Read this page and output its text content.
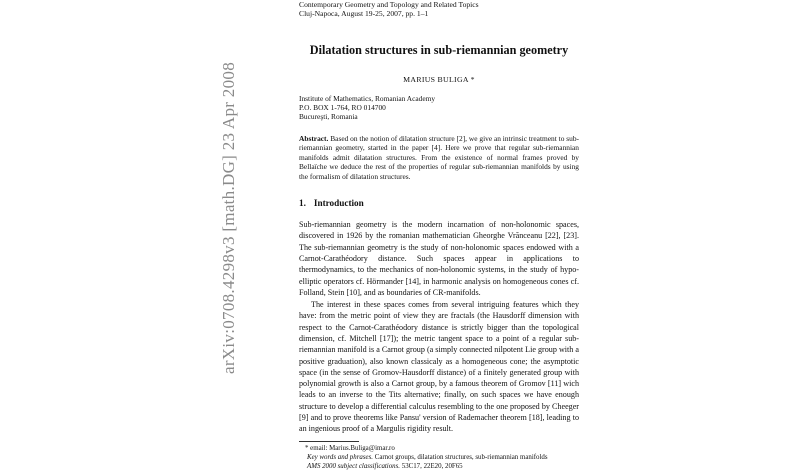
arXiv:0708.4298v3 [math.DG] 23 Apr 2008
Contemporary Geometry and Topology and Related Topics
Cluj-Napoca, August 19-25, 2007, pp. 1–1
Dilatation structures in sub-riemannian geometry
MARIUS BULIGA *
Institute of Mathematics, Romanian Academy
P.O. BOX 1-764, RO 014700
Bucureşti, Romania
Abstract. Based on the notion of dilatation structure [2], we give an intrinsic treatment to sub-riemannian geometry, started in the paper [4]. Here we prove that regular sub-riemannian manifolds admit dilatation structures. From the existence of normal frames proved by Bellaïche we deduce the rest of the properties of regular sub-riemannian manifolds by using the formalism of dilatation structures.
1. Introduction
Sub-riemannian geometry is the modern incarnation of non-holonomic spaces, discovered in 1926 by the romanian mathematician Gheorghe Vrănceanu [22], [23]. The sub-riemannian geometry is the study of non-holonomic spaces endowed with a Carnot-Carathéodory distance. Such spaces appear in applications to thermodynamics, to the mechanics of non-holonomic systems, in the study of hypo-elliptic operators cf. Hörmander [14], in harmonic analysis on homogeneous cones cf. Folland, Stein [10], and as boundaries of CR-manifolds.
The interest in these spaces comes from several intriguing features which they have: from the metric point of view they are fractals (the Hausdorff dimension with respect to the Carnot-Carathéodory distance is strictly bigger than the topological dimension, cf. Mitchell [17]); the metric tangent space to a point of a regular sub-riemannian manifold is a Carnot group (a simply connected nilpotent Lie group with a positive graduation), also known classicaly as a homogeneous cone; the asymptotic space (in the sense of Gromov-Hausdorff distance) of a finitely generated group with polynomial growth is also a Carnot group, by a famous theorem of Gromov [11] wich leads to an inverse to the Tits alternative; finally, on such spaces we have enough structure to develop a differential calculus resembling to the one proposed by Cheeger [9] and to prove theorems like Pansu' version of Rademacher theorem [18], leading to an ingenious proof of a Margulis rigidity result.
* email: Marius.Buliga@imar.ro
Key words and phrases. Carnot groups, dilatation structures, sub-riemannian manifolds
AMS 2000 subject classifications. 53C17, 22E20, 20F65
